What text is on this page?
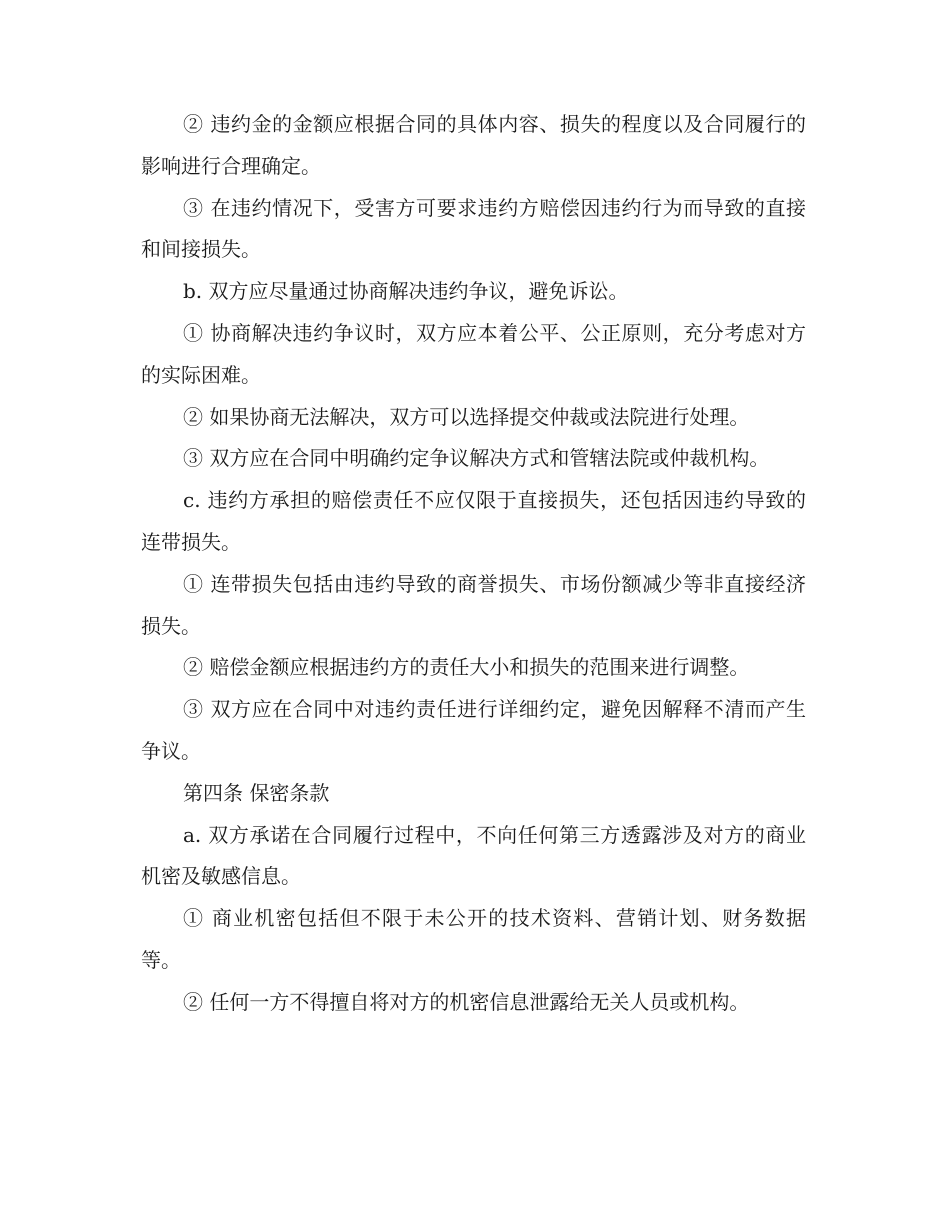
② 违约金的金额应根据合同的具体内容、损失的程度以及合同履行的影响进行合理确定。

③ 在违约情况下，受害方可要求违约方赔偿因违约行为而导致的直接和间接损失。

b. 双方应尽量通过协商解决违约争议，避免诉讼。

① 协商解决违约争议时，双方应本着公平、公正原则，充分考虑对方的实际困难。

② 如果协商无法解决，双方可以选择提交仲裁或法院进行处理。

③ 双方应在合同中明确约定争议解决方式和管辖法院或仲裁机构。

c. 违约方承担的赔偿责任不应仅限于直接损失，还包括因违约导致的连带损失。

① 连带损失包括由违约导致的商誉损失、市场份额减少等非直接经济损失。

② 赔偿金额应根据违约方的责任大小和损失的范围来进行调整。

③ 双方应在合同中对违约责任进行详细约定，避免因解释不清而产生争议。

第四条 保密条款

a. 双方承诺在合同履行过程中，不向任何第三方透露涉及对方的商业机密及敏感信息。

① 商业机密包括但不限于未公开的技术资料、营销计划、财务数据等。

② 任何一方不得擅自将对方的机密信息泄露给无关人员或机构。
